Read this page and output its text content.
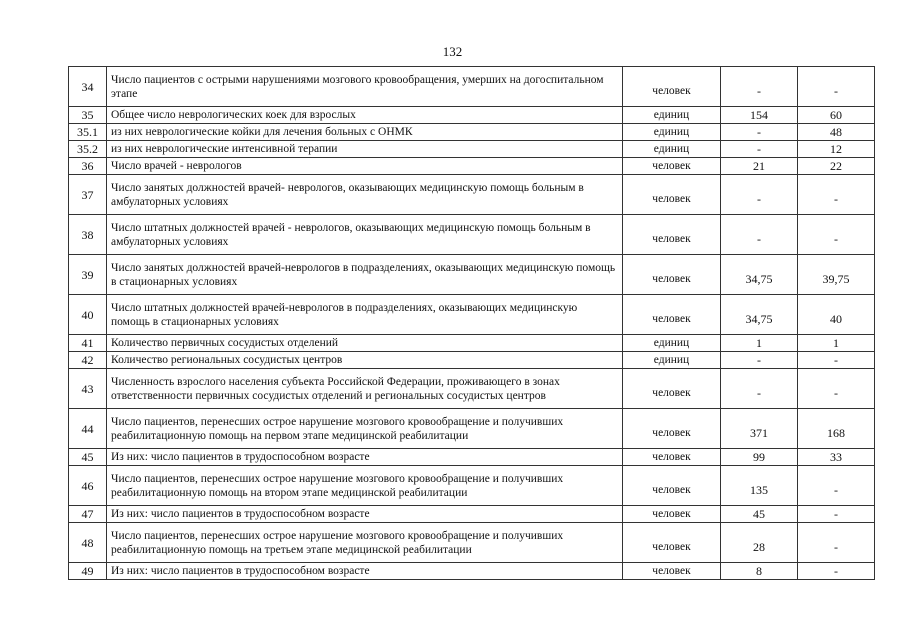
132
34	Число пациентов с острыми нарушениями мозгового кровообращения, умерших на догоспитальном этапе	человек	-	-
35	Общее число неврологических коек для взрослых	единиц	154	60
35.1	из них неврологические койки для лечения больных с ОНМК	единиц	-	48
35.2	из них неврологические интенсивной терапии	единиц	-	12
36	Число врачей - неврологов	человек	21	22
37	Число занятых должностей врачей- неврологов, оказывающих медицинскую помощь больным в амбулаторных условиях	человек	-	-
38	Число штатных должностей врачей - неврологов, оказывающих медицинскую помощь больным в амбулаторных условиях	человек	-	-
39	Число занятых должностей врачей-неврологов в подразделениях, оказывающих медицинскую помощь в стационарных условиях	человек	34,75	39,75
40	Число штатных должностей врачей-неврологов в подразделениях, оказывающих медицинскую помощь в стационарных условиях	человек	34,75	40
41	Количество первичных сосудистых отделений	единиц	1	1
42	Количество региональных сосудистых центров	единиц	-	-
43	Численность взрослого населения субъекта Российской Федерации, проживающего в зонах ответственности первичных сосудистых отделений и региональных сосудистых центров	человек	-	-
44	Число пациентов, перенесших острое нарушение мозгового кровообращение и получивших реабилитационную помощь на первом этапе медицинской реабилитации	человек	371	168
45	Из них: число пациентов в трудоспособном возрасте	человек	99	33
46	Число пациентов, перенесших острое нарушение мозгового кровообращение и получивших реабилитационную помощь на втором этапе медицинской реабилитации	человек	135	-
47	Из них: число пациентов в трудоспособном возрасте	человек	45	-
48	Число пациентов, перенесших острое нарушение мозгового кровообращение и получивших реабилитационную помощь на третьем этапе медицинской реабилитации	человек	28	-
49	Из них: число пациентов в трудоспособном возрасте	человек	8	-
